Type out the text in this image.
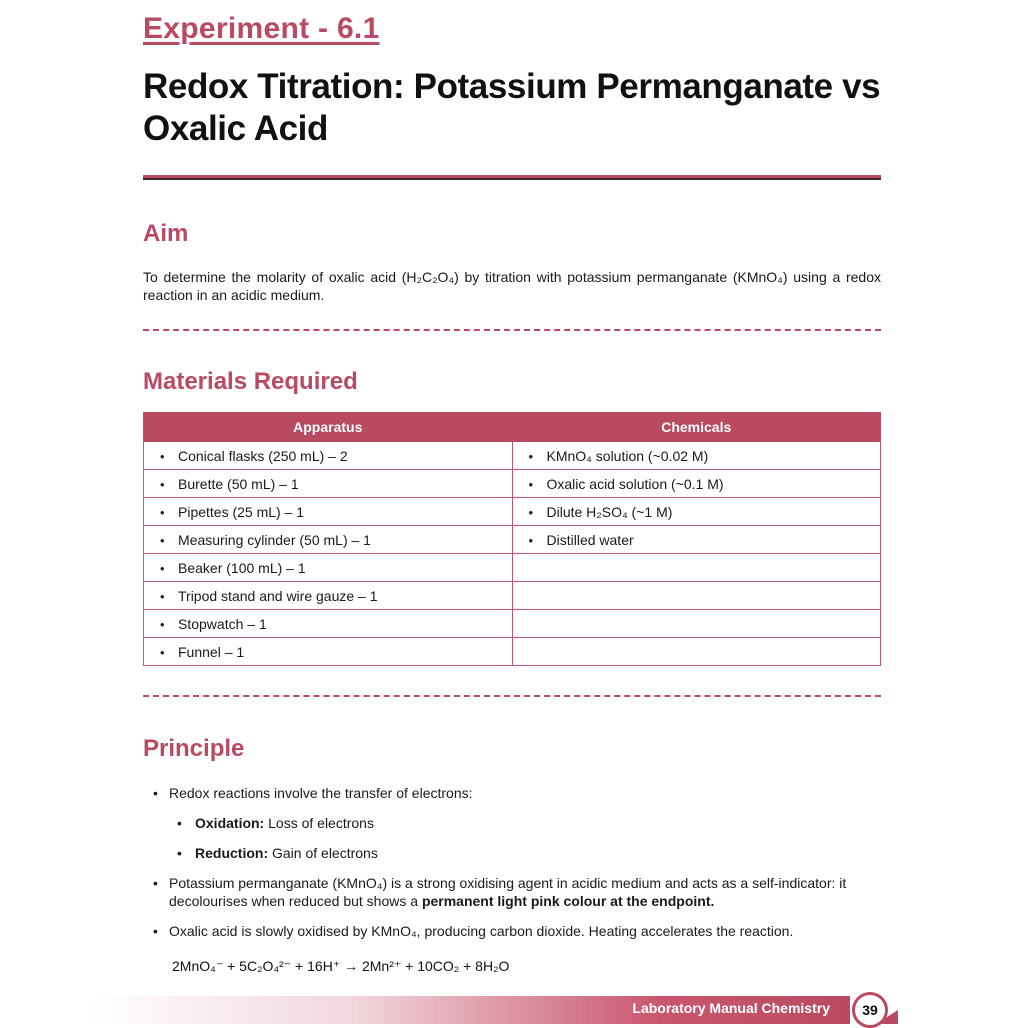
Experiment - 6.1
Redox Titration: Potassium Permanganate vs Oxalic Acid
Aim

To determine the molarity of oxalic acid (H₂C₂O₄) by titration with potassium permanganate (KMnO₄) using a redox reaction in an acidic medium.

Materials Required
Apparatus	Chemicals
• Conical flasks (250 mL) – 2	• KMnO₄ solution (~0.02 M)
• Burette (50 mL) – 1	• Oxalic acid solution (~0.1 M)
• Pipettes (25 mL) – 1	• Dilute H₂SO₄ (~1 M)
• Measuring cylinder (50 mL) – 1	• Distilled water
• Beaker (100 mL) – 1	
• Tripod stand and wire gauze – 1	
• Stopwatch – 1	
• Funnel – 1	
Principle
• Redox reactions involve the transfer of electrons:
• Oxidation: Loss of electrons
• Reduction: Gain of electrons
• Potassium permanganate (KMnO₄) is a strong oxidising agent in acidic medium and acts as a self-indicator: it decolourises when reduced but shows a permanent light pink colour at the endpoint.
• Oxalic acid is slowly oxidised by KMnO₄, producing carbon dioxide. Heating accelerates the reaction.
2MnO₄⁻ + 5C₂O₄²⁻ + 16H⁺ → 2Mn²⁺ + 10CO₂ + 8H₂O
Laboratory Manual Chemistry	39
